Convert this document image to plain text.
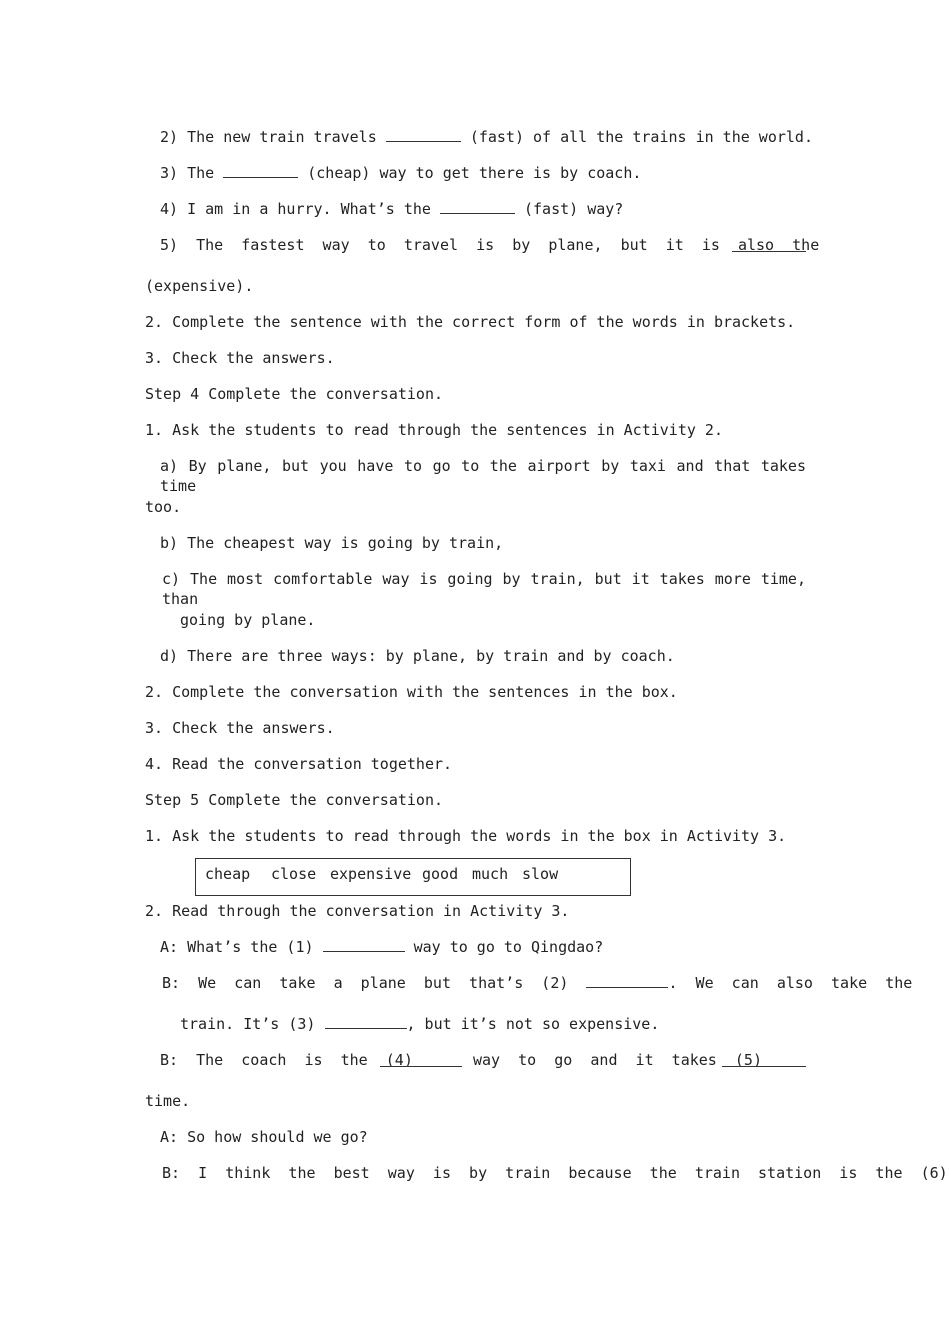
2) The new train travels	(fast) of all the trains in the world.
3) The	(cheap) way to get there is by coach.
4) I am in a hurry. What’s the	(fast) way?
5)  The  fastest  way  to  travel  is  by  plane,  but  it  is  also  the
(expensive).
2. Complete the sentence with the correct form of the words in brackets.
3. Check the answers.
Step 4 Complete the conversation.
1. Ask the students to read through the sentences in Activity 2.
a) By plane, but you have to go to the airport by taxi and that takes time
too.
b) The cheapest way is going by train,
c) The most comfortable way is going by train, but it takes more time, than
going by plane.
d) There are three ways: by plane, by train and by coach.
2. Complete the conversation with the sentences in the box.
3. Check the answers.
4. Read the conversation together.
Step 5 Complete the conversation.
1. Ask the students to read through the words in the box in Activity 3.
cheap close expensive good much slow
2. Read through the conversation in Activity 3.
A: What’s the (1)	way to go to Qingdao?
B:  We  can  take  a  plane  but  that’s  (2)	.  We  can  also  take  the
train. It’s (3)	, but it’s not so expensive.
B:  The  coach  is  the  (4)	way  to  go  and  it  takes  (5)
time.
A: So how should we go?
B:  I  think  the  best  way  is  by  train  because  the  train  station  is  the  (6)
